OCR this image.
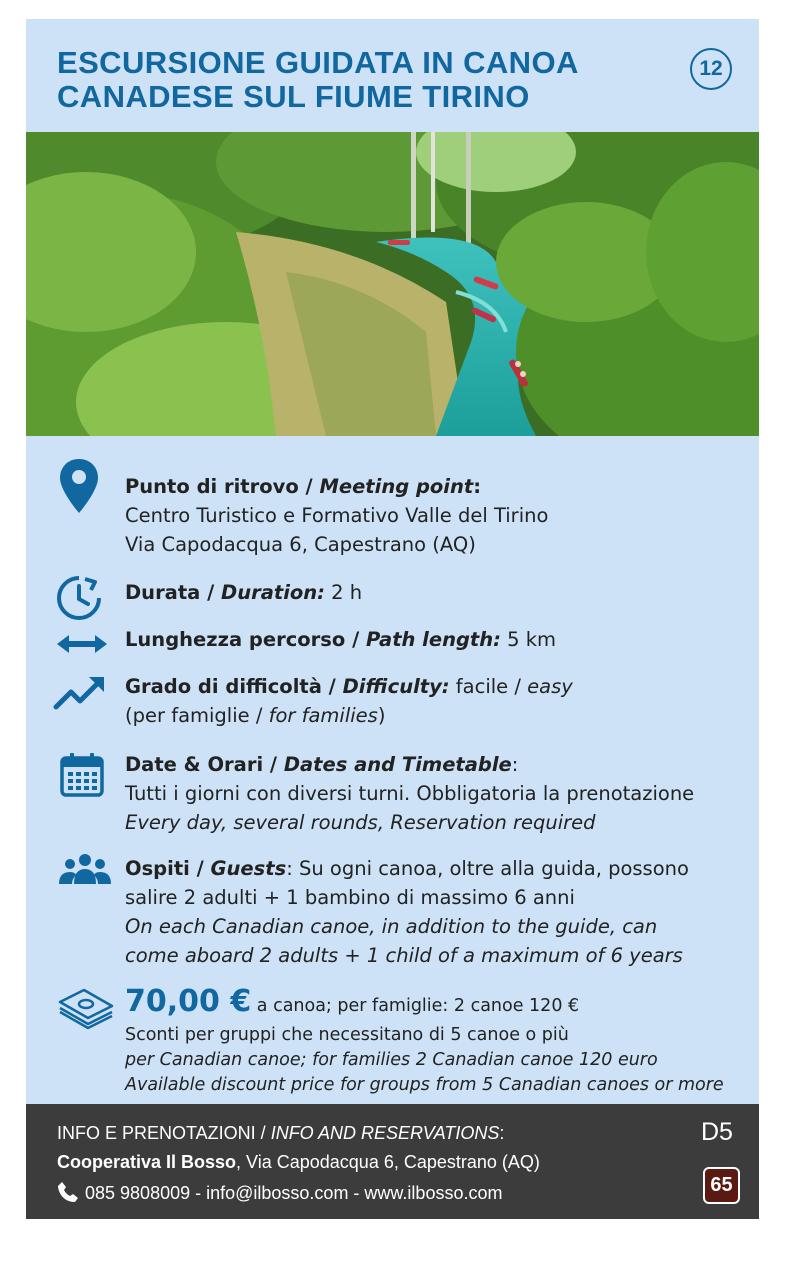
ESCURSIONE GUIDATA IN CANOA
CANADESE SUL FIUME TIRINO
12
Punto di ritrovo / Meeting point:
Centro Turistico e Formativo Valle del Tirino
Via Capodacqua 6, Capestrano (AQ)
Durata / Duration: 2 h
Lunghezza percorso / Path length: 5 km
Grado di difficoltà / Difficulty: facile / easy
(per famiglie / for families)
Date & Orari / Dates and Timetable:
Tutti i giorni con diversi turni. Obbligatoria la prenotazione
Every day, several rounds, Reservation required
Ospiti / Guests: Su ogni canoa, oltre alla guida, possono
salire 2 adulti + 1 bambino di massimo 6 anni
On each Canadian canoe, in addition to the guide, can
come aboard 2 adults + 1 child of a maximum of 6 years
70,00 € a canoa; per famiglie: 2 canoe 120 €
Sconti per gruppi che necessitano di 5 canoe o più
per Canadian canoe; for families 2 Canadian canoe 120 euro
Available discount price for groups from 5 Canadian canoes or more
INFO E PRENOTAZIONI / INFO AND RESERVATIONS:
Cooperativa Il Bosso, Via Capodacqua 6, Capestrano (AQ)
085 9808009 - info@ilbosso.com - www.ilbosso.com
D5
65
